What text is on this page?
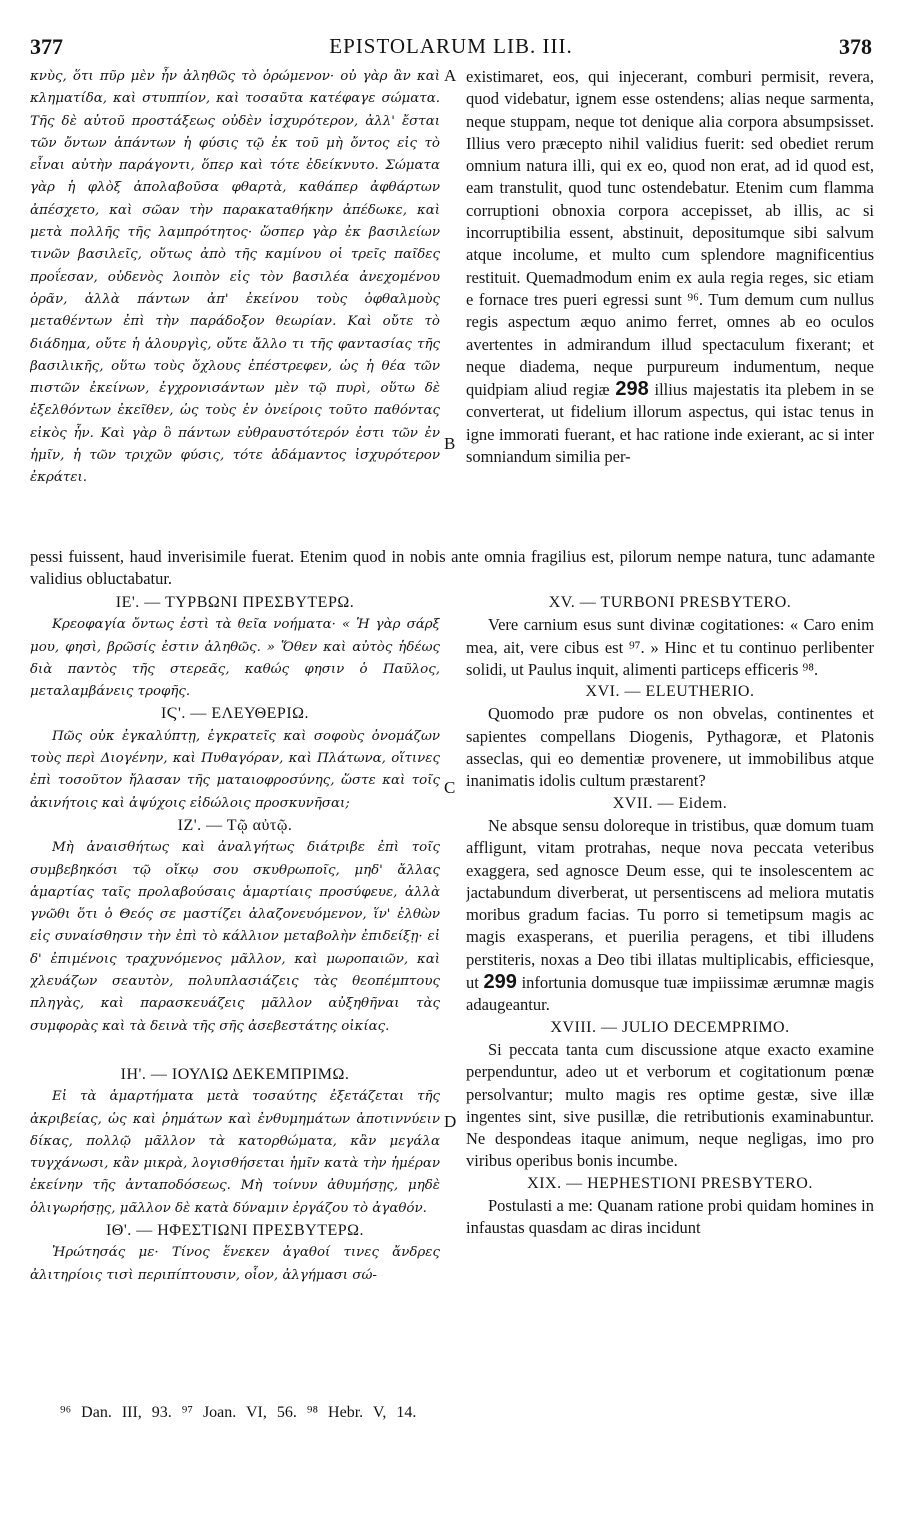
377	EPISTOLARUM LIB. III.	378

κνὺς, ὅτι πῦρ μὲν ἦν ἀληθῶς τὸ ὁρώμενον· οὐ γὰρ ἂν καὶ κληματίδα, καὶ στυππίον, καὶ τοσαῦτα κατέφαγε σώματα. Τῆς δὲ αὐτοῦ προστάξεως οὐδὲν ἰσχυρότερον, ἀλλ' ἔσται τῶν ὄντων ἁπάντων ἡ φύσις τῷ ἐκ τοῦ μὴ ὄντος εἰς τὸ εἶναι αὐτὴν παράγοντι, ὅπερ καὶ τότε ἐδείκνυτο. Σώματα γὰρ ἡ φλὸξ ἀπολαβοῦσα φθαρτὰ, καθάπερ ἀφθάρτων ἀπέσχετο, καὶ σῶαν τὴν παρακαταθήκην ἀπέδωκε, καὶ μετὰ πολλῆς τῆς λαμπρότητος· ὥσπερ γὰρ ἐκ βασιλείων τινῶν βασιλεῖς, οὕτως ἀπὸ τῆς καμίνου οἱ τρεῖς παῖδες προΐεσαν, οὐδενὸς λοιπὸν εἰς τὸν βασιλέα ἀνεχομένου ὁρᾶν, ἀλλὰ πάντων ἀπ' ἐκείνου τοὺς ὀφθαλμοὺς μεταθέντων ἐπὶ τὴν παράδοξον θεωρίαν. Καὶ οὔτε τὸ διάδημα, οὔτε ἡ ἁλουργὶς, οὔτε ἄλλο τι τῆς φαντασίας τῆς βασιλικῆς, οὕτω τοὺς ὄχλους ἐπέστρεφεν, ὡς ἡ θέα τῶν πιστῶν ἐκείνων, ἐγχρονισάντων μὲν τῷ πυρὶ, οὕτω δὲ ἐξελθόντων ἐκεῖθεν, ὡς τοὺς ἐν ὀνείροις τοῦτο παθόντας εἰκὸς ἦν. Καὶ γὰρ ὃ πάντων εὐθραυστότερόν ἐστι τῶν ἐν ἡμῖν, ἡ τῶν τριχῶν φύσις, τότε ἀδάμαντος ἰσχυρότερον ἐκράτει.

existimaret, eos, qui injecerant, comburi permisit, revera, quod videbatur, ignem esse ostendens; alias neque sarmenta, neque stuppam, neque tot denique alia corpora absumpsisset. Illius vero præcepto nihil validius fuerit: sed obediet rerum omnium natura illi, qui ex eo, quod non erat, ad id quod est, eam transtulit, quod tunc ostendebatur. Etenim cum flamma corruptioni obnoxia corpora accepisset, ab illis, ac si incorruptibilia essent, abstinuit, depositumque sibi salvum atque incolume, et multo cum splendore magnificentius restituit. Quemadmodum enim ex aula regia reges, sic etiam e fornace tres pueri egressi sunt ⁹⁶. Tum demum cum nullus regis aspectum æquo animo ferret, omnes ab eo oculos avertentes in admirandum illud spectaculum fixerant; et neque diadema, neque purpureum indumentum, neque quidpiam aliud regiæ 298 illius majestatis ita plebem in se converterat, ut fidelium illorum aspectus, qui istac tenus in igne immorati fuerant, et hac ratione inde exierant, ac si inter somniandum similia per-

A
B
C
D
pessi fuissent, haud inverisimile fuerat. Etenim quod in nobis ante omnia fragilius est, pilorum nempe natura, tunc adamante validius obluctabatur.

ΙΕ'. — ΤΥΡΒΩΝΙ ΠΡΕΣΒΥΤΕΡΩ.

Κρεοφαγία ὄντως ἐστὶ τὰ θεῖα νοήματα· « Ἡ γὰρ σάρξ μου, φησὶ, βρῶσίς ἐστιν ἀληθῶς. » Ὅθεν καὶ αὐτὸς ἡδέως διὰ παντὸς τῆς στερεᾶς, καθώς φησιν ὁ Παῦλος, μεταλαμβάνεις τροφῆς.

ΙϚ'. — ΕΛΕΥΘΕΡΙΩ.

Πῶς οὐκ ἐγκαλύπτῃ, ἐγκρατεῖς καὶ σοφοὺς ὀνομάζων τοὺς περὶ Διογένην, καὶ Πυθαγόραν, καὶ Πλάτωνα, οἵτινες ἐπὶ τοσοῦτον ἤλασαν τῆς ματαιοφροσύνης, ὥστε καὶ τοῖς ἀκινήτοις καὶ ἀψύχοις εἰδώλοις προσκυνῆσαι;

ΙΖ'. — Τῷ αὐτῷ.

Μὴ ἀναισθήτως καὶ ἀναλγήτως διάτριβε ἐπὶ τοῖς συμβεβηκόσι τῷ οἴκῳ σου σκυθρωποῖς, μηδ' ἄλλας ἁμαρτίας ταῖς προλαβούσαις ἁμαρτίαις προσύφευε, ἀλλὰ γνῶθι ὅτι ὁ Θεός σε μαστίζει ἀλαζονευόμενον, ἵν' ἐλθὼν εἰς συναίσθησιν τὴν ἐπὶ τὸ κάλλιον μεταβολὴν ἐπιδείξῃ· εἰ δ' ἐπιμένοις τραχυνόμενος μᾶλλον, καὶ μωροπαιῶν, καὶ χλευάζων σεαυτὸν, πολυπλασιάζεις τὰς θεοπέμπτους πληγὰς, καὶ παρασκευάζεις μᾶλλον αὐξηθῆναι τὰς συμφορὰς καὶ τὰ δεινὰ τῆς σῆς ἀσεβεστάτης οἰκίας.

ΙΗ'. — ΙΟΥΛΙΩ ΔΕΚΕΜΠΡΙΜΩ.

Εἰ τὰ ἁμαρτήματα μετὰ τοσαύτης ἐξετάζεται τῆς ἀκριβείας, ὡς καὶ ῥημάτων καὶ ἐνθυμημάτων ἀποτιννύειν δίκας, πολλῷ μᾶλλον τὰ κατορθώματα, κἂν μεγάλα τυγχάνωσι, κἂν μικρὰ, λογισθήσεται ἡμῖν κατὰ τὴν ἡμέραν ἐκείνην τῆς ἀνταποδόσεως. Μὴ τοίνυν ἀθυμήσῃς, μηδὲ ὀλιγωρήσῃς, μᾶλλον δὲ κατὰ δύναμιν ἐργάζου τὸ ἀγαθόν.

ΙΘ'. — ΗΦΕΣΤΙΩΝΙ ΠΡΕΣΒΥΤΕΡΩ.

Ἠρώτησάς με· Τίνος ἕνεκεν ἀγαθοί τινες ἄνδρες ἀλιτηρίοις τισὶ περιπίπτουσιν, οἷον, ἀλγήμασι σώ-

XV. — TURBONI PRESBYTERO.

Vere carnium esus sunt divinæ cogitationes: « Caro enim mea, ait, vere cibus est ⁹⁷. » Hinc et tu continuo perlibenter solidi, ut Paulus inquit, alimenti particeps efficeris ⁹⁸.

XVI. — ELEUTHERIO.

Quomodo præ pudore os non obvelas, continentes et sapientes compellans Diogenis, Pythagoræ, et Platonis asseclas, qui eo dementiæ provenere, ut immobilibus atque inanimatis idolis cultum præstarent?

XVII. — Eidem.

Ne absque sensu doloreque in tristibus, quæ domum tuam affligunt, vitam protrahas, neque nova peccata veteribus exaggera, sed agnosce Deum esse, qui te insolescentem ac jactabundum diverberat, ut persentiscens ad meliora mutatis moribus gradum facias. Tu porro si temetipsum magis ac magis exasperans, et puerilia peragens, et tibi illudens perstiteris, noxas a Deo tibi illatas multiplicabis, efficiesque, ut 299 infortunia domusque tuæ impiissimæ ærumnæ magis adaugeantur.

XVIII. — JULIO DECEMPRIMO.

Si peccata tanta cum discussione atque exacto examine perpenduntur, adeo ut et verborum et cogitationum pœnæ persolvantur; multo magis res optime gestæ, sive illæ ingentes sint, sive pusillæ, die retributionis examinabuntur. Ne despondeas itaque animum, neque negligas, imo pro viribus operibus bonis incumbe.

XIX. — HEPHESTIONI PRESBYTERO.

Postulasti a me: Quanam ratione probi quidam homines in infaustas quasdam ac diras incidunt

⁹⁶ Dan. III, 93. ⁹⁷ Joan. VI, 56. ⁹⁸ Hebr. V, 14.
